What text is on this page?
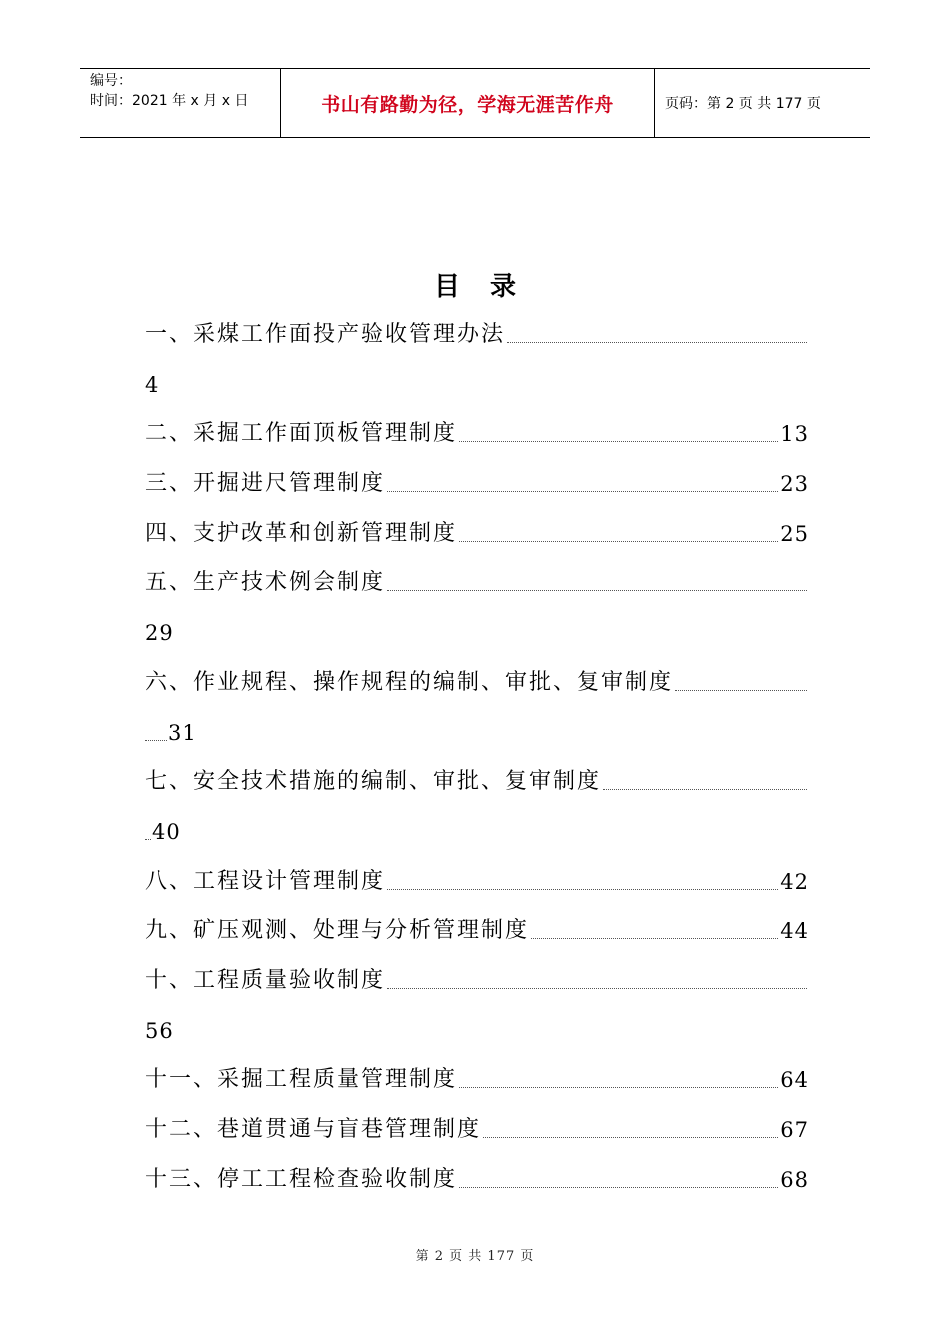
编号：
时间：2021 年 x 月 x 日	书山有路勤为径，学海无涯苦作舟	页码：第 2 页 共 177 页
目录
一、采煤工作面投产验收管理办法
4
二、采掘工作面顶板管理制度	13
三、开掘进尺管理制度	23
四、支护改革和创新管理制度	25
五、生产技术例会制度
29
六、作业规程、操作规程的编制、审批、复审制度
31
七、安全技术措施的编制、审批、复审制度
40
八、工程设计管理制度	42
九、矿压观测、处理与分析管理制度	44
十、工程质量验收制度
56
十一、采掘工程质量管理制度	64
十二、巷道贯通与盲巷管理制度	67
十三、停工工程检查验收制度	68
第 2 页 共 177 页
